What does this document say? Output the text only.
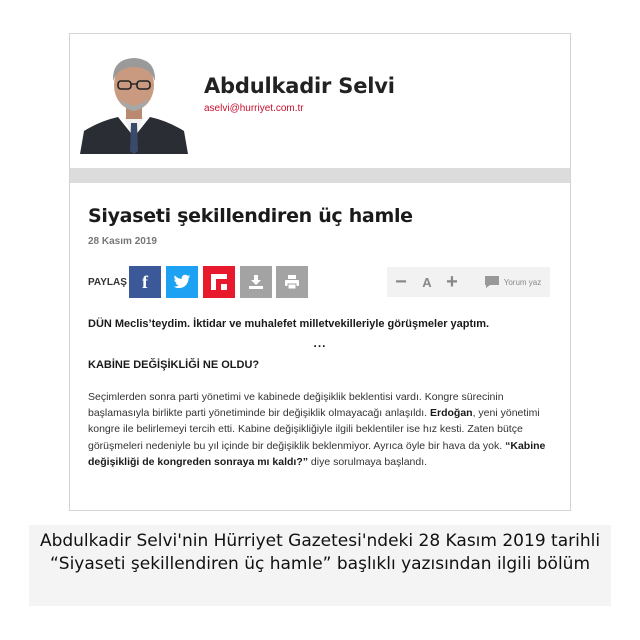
Abdulkadir Selvi
aselvi@hurriyet.com.tr
Siyaseti şekillendiren üç hamle
28 Kasım 2019
PAYLAŞ f	−	A +	Yorum yaz
DÜN Meclis’teydim. İktidar ve muhalefet milletvekilleriyle görüşmeler yaptım.
...
KABİNE DEĞİŞİKLİĞİ NE OLDU?
Seçimlerden sonra parti yönetimi ve kabinede değişiklik beklentisi vardı. Kongre sürecinin başlamasıyla birlikte parti yönetiminde bir değişiklik olmayacağı anlaşıldı. Erdoğan, yeni yönetimi kongre ile belirlemeyi tercih etti. Kabine değişikliğiyle ilgili beklentiler ise hız kesti. Zaten bütçe görüşmeleri nedeniyle bu yıl içinde bir değişiklik beklenmiyor. Ayrıca öyle bir hava da yok. “Kabine değişikliği de kongreden sonraya mı kaldı?” diye sorulmaya başlandı.
Abdulkadir Selvi'nin Hürriyet Gazetesi'ndeki 28 Kasım 2019 tarihli “Siyaseti şekillendiren üç hamle” başlıklı yazısından ilgili bölüm
